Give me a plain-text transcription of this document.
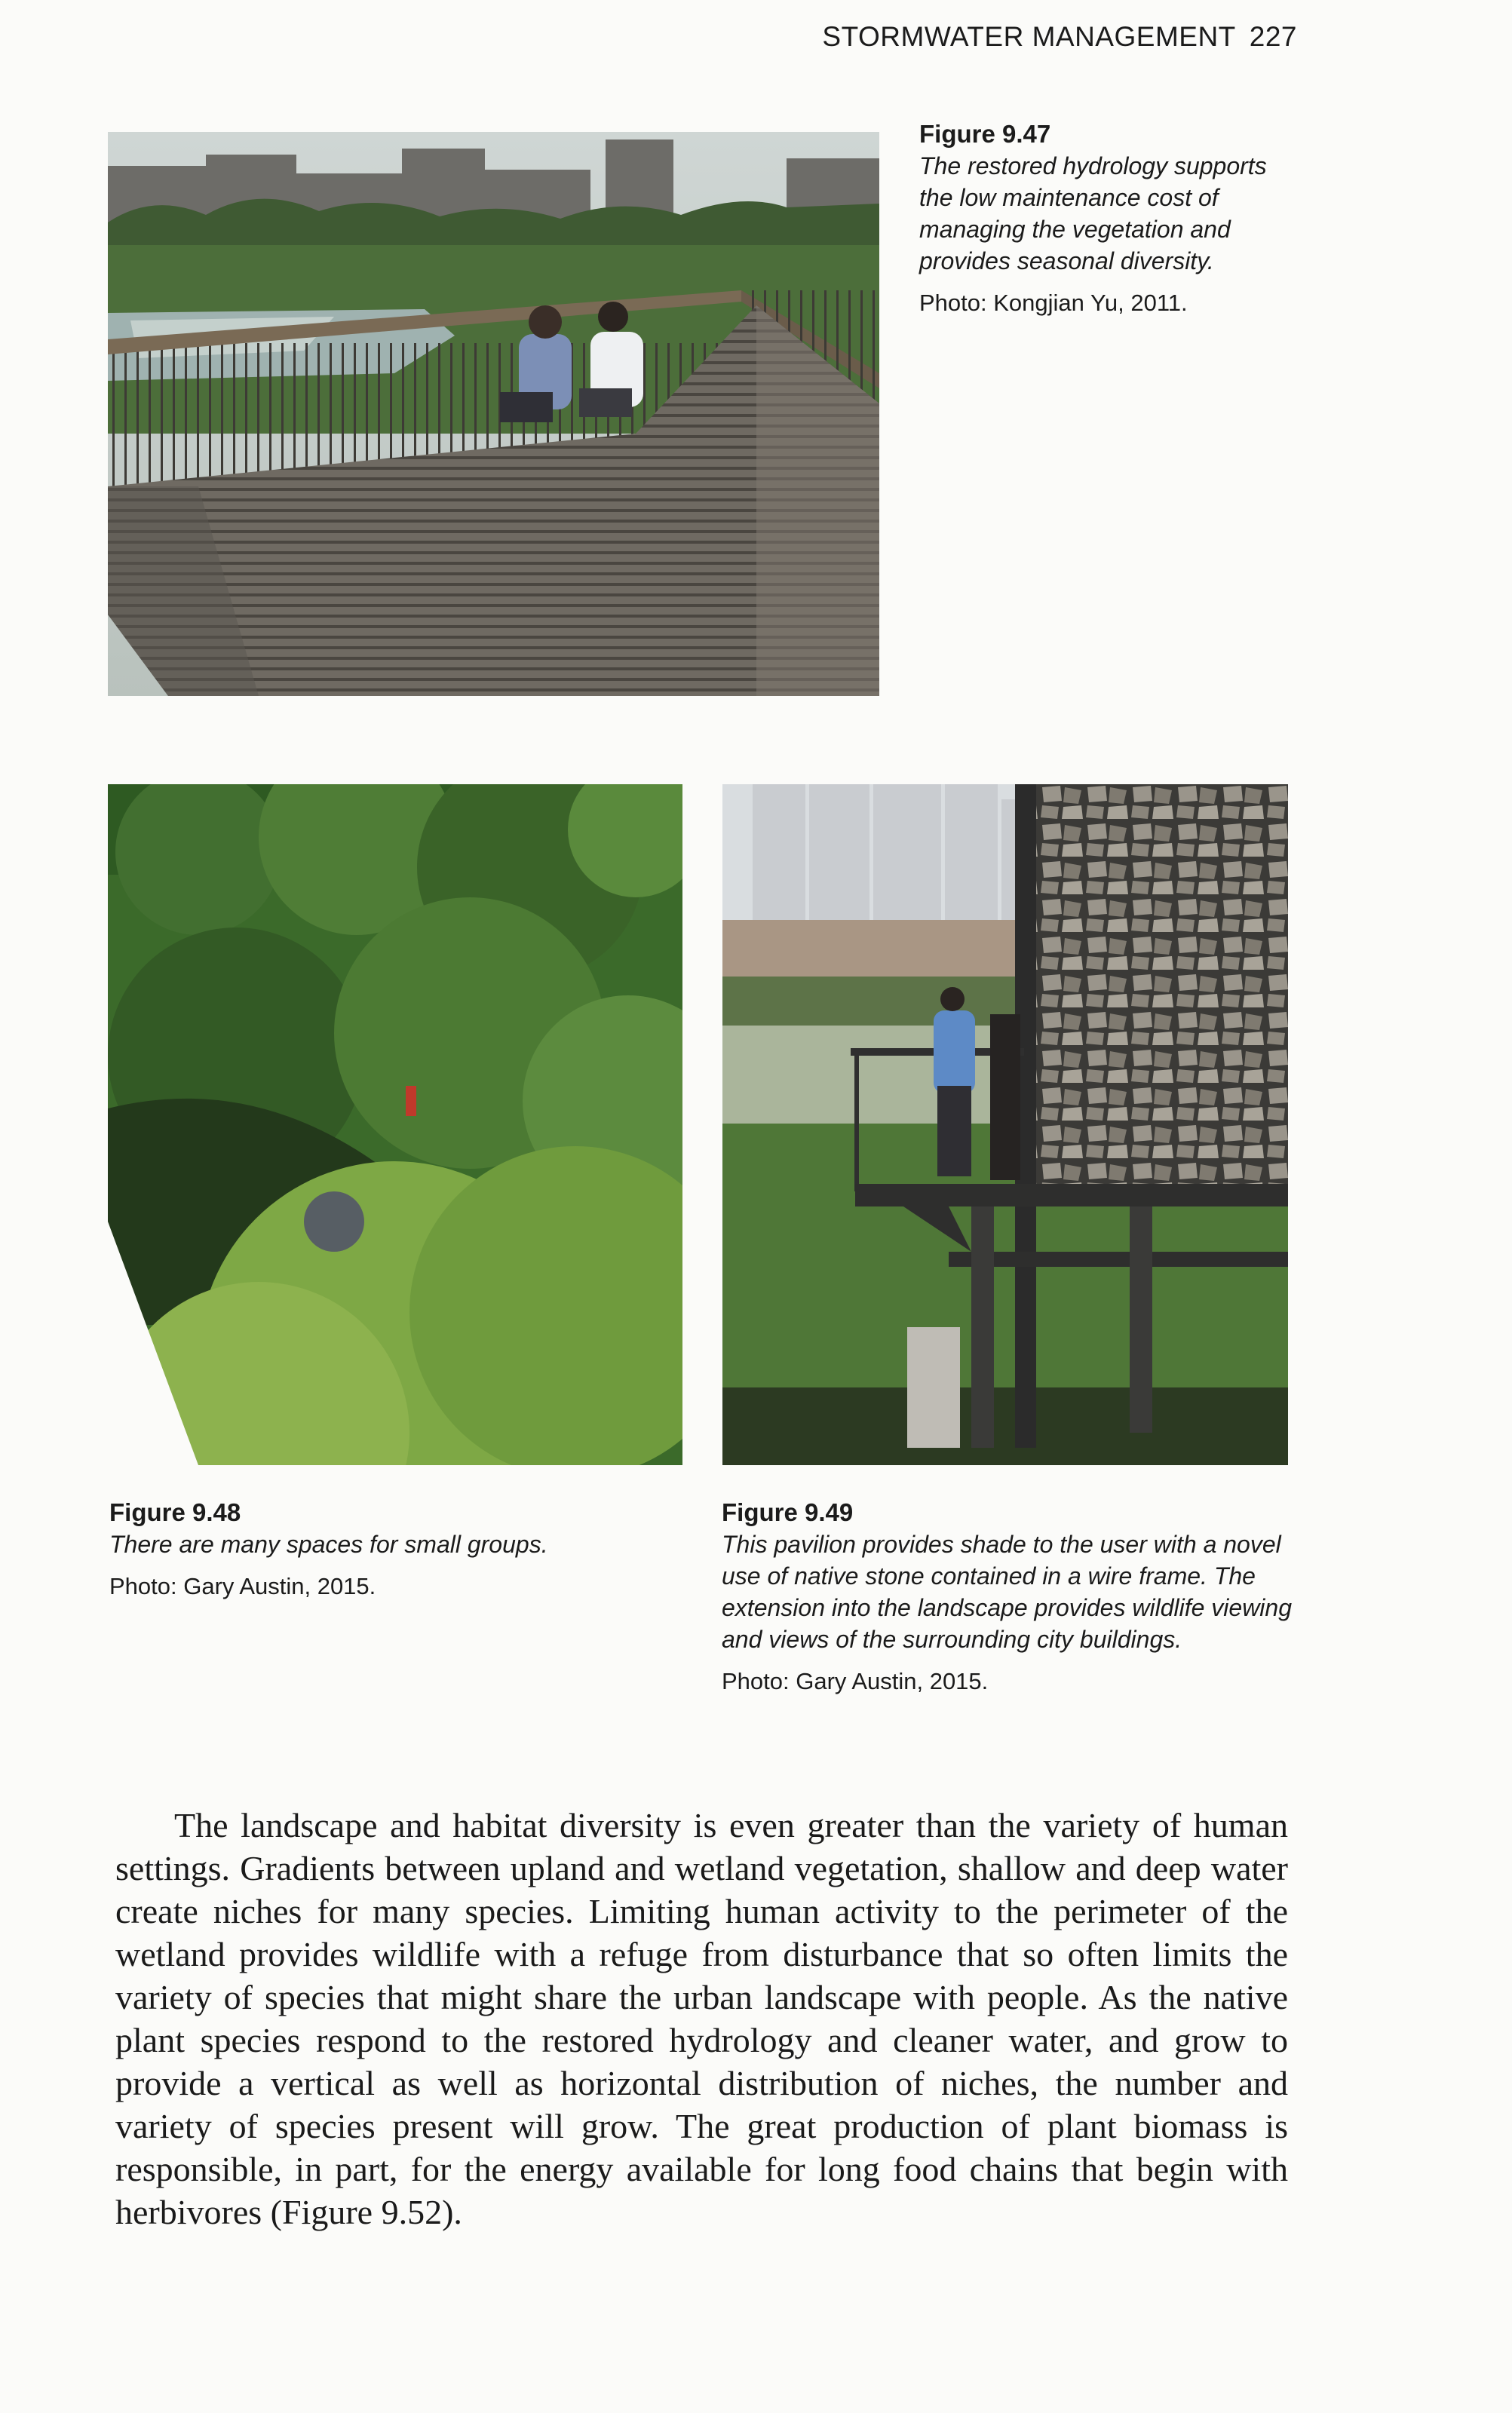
STORMWATER MANAGEMENT 227
Figure 9.47
The restored hydrology supports the low maintenance cost of managing the vegetation and provides seasonal diversity.
Photo: Kongjian Yu, 2011.
Figure 9.48
There are many spaces for small groups.
Photo: Gary Austin, 2015.
Figure 9.49
This pavilion provides shade to the user with a novel use of native stone contained in a wire frame. The extension into the landscape provides wildlife viewing and views of the surrounding city buildings.
Photo: Gary Austin, 2015.

The landscape and habitat diversity is even greater than the variety of human settings. Gradients between upland and wetland vegetation, shallow and deep water create niches for many species. Limiting human activity to the perimeter of the wetland provides wildlife with a refuge from disturbance that so often limits the variety of species that might share the urban landscape with people. As the native plant species respond to the restored hydrology and cleaner water, and grow to provide a vertical as well as horizontal distribution of niches, the number and variety of species present will grow. The great production of plant biomass is responsible, in part, for the energy available for long food chains that begin with herbivores (Figure 9.52).
